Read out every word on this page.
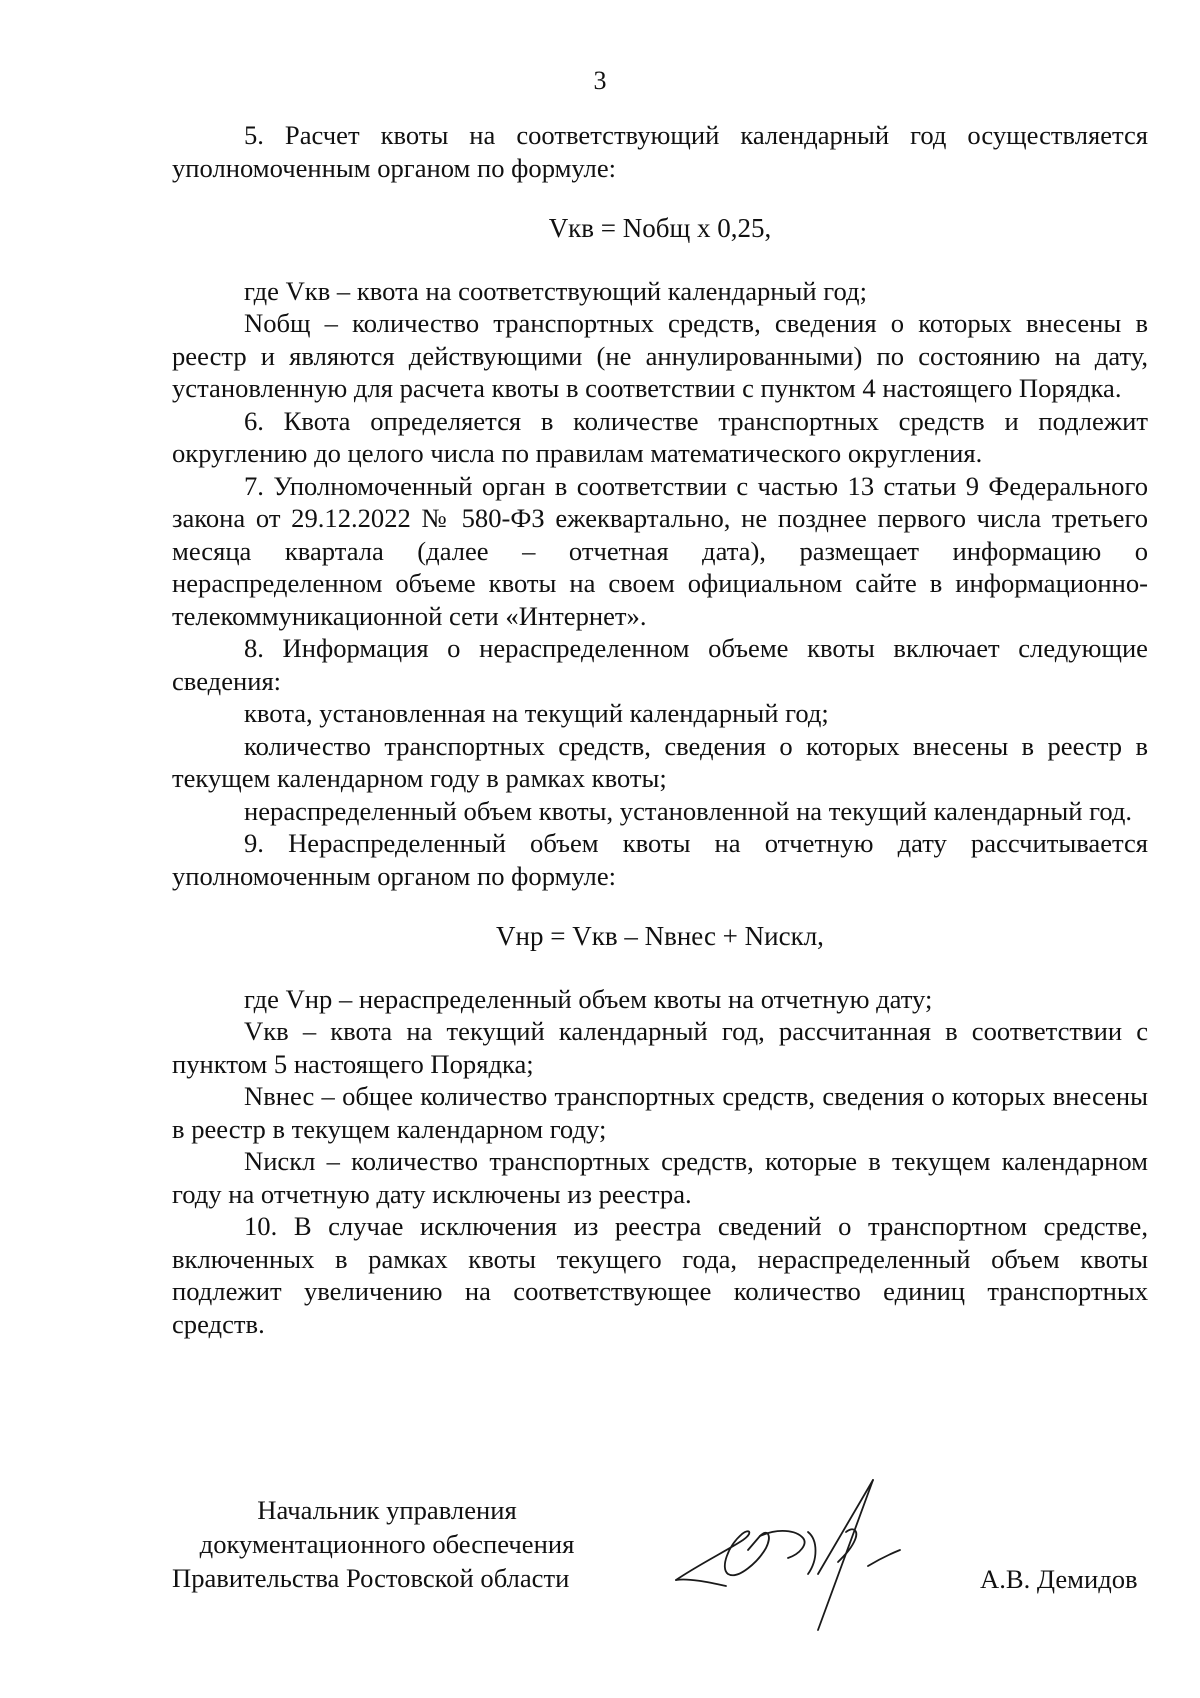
3

5. Расчет квоты на соответствующий календарный год осуществляется уполномоченным органом по формуле:

Vкв = Nобщ x 0,25,

где Vкв – квота на соответствующий календарный год;

Nобщ – количество транспортных средств, сведения о которых внесены в реестр и являются действующими (не аннулированными) по состоянию на дату, установленную для расчета квоты в соответствии с пунктом 4 настоящего Порядка.

6. Квота определяется в количестве транспортных средств и подлежит округлению до целого числа по правилам математического округления.

7. Уполномоченный орган в соответствии с частью 13 статьи 9 Федерального закона от 29.12.2022 № 580-ФЗ ежеквартально, не позднее первого числа третьего месяца квартала (далее – отчетная дата), размещает информацию о нераспределенном объеме квоты на своем официальном сайте в информационно-телекоммуникационной сети «Интернет».

8. Информация о нераспределенном объеме квоты включает следующие сведения:

квота, установленная на текущий календарный год;

количество транспортных средств, сведения о которых внесены в реестр в текущем календарном году в рамках квоты;

нераспределенный объем квоты, установленной на текущий календарный год.

9. Нераспределенный объем квоты на отчетную дату рассчитывается уполномоченным органом по формуле:

Vнр = Vкв – Nвнес + Nискл,

где Vнр – нераспределенный объем квоты на отчетную дату;

Vкв – квота на текущий календарный год, рассчитанная в соответствии с пунктом 5 настоящего Порядка;

Nвнес – общее количество транспортных средств, сведения о которых внесены в реестр в текущем календарном году;

Nискл – количество транспортных средств, которые в текущем календарном году на отчетную дату исключены из реестра.

10. В случае исключения из реестра сведений о транспортном средстве, включенных в рамках квоты текущего года, нераспределенный объем квоты подлежит увеличению на соответствующее количество единиц транспортных средств.

Начальник управления
документационного обеспечения
Правительства Ростовской области	А.В. Демидов
